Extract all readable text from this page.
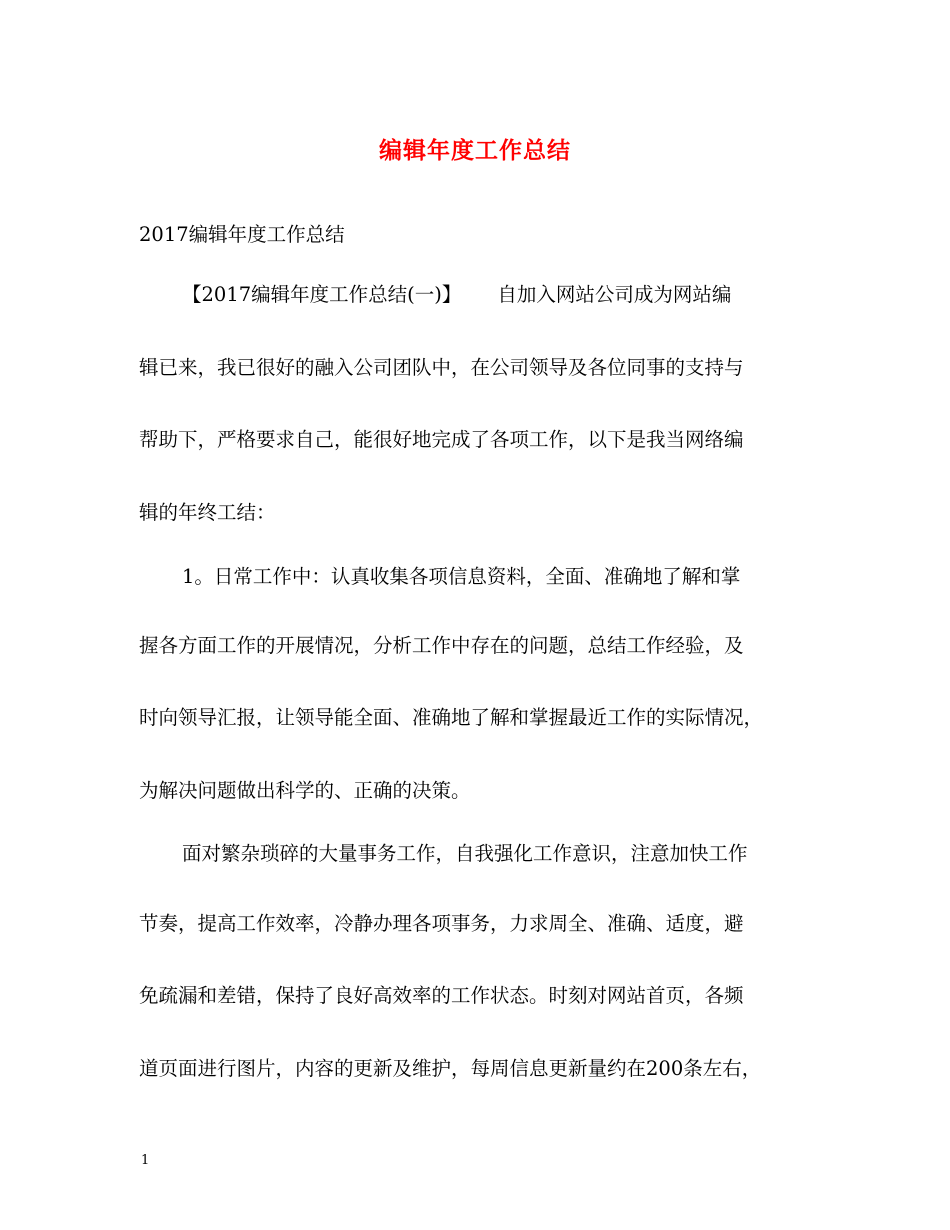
编辑年度工作总结
2017编辑年度工作总结
【2017编辑年度工作总结(一)】 自加入网站公司成为网站编
辑已来，我已很好的融入公司团队中，在公司领导及各位同事的支持与
帮助下，严格要求自己，能很好地完成了各项工作，以下是我当网络编
辑的年终工结：
1。日常工作中：认真收集各项信息资料，全面、准确地了解和掌
握各方面工作的开展情况，分析工作中存在的问题，总结工作经验，及
时向领导汇报，让领导能全面、准确地了解和掌握最近工作的实际情况，
为解决问题做出科学的、正确的决策。
面对繁杂琐碎的大量事务工作，自我强化工作意识，注意加快工作
节奏，提高工作效率，冷静办理各项事务，力求周全、准确、适度，避
免疏漏和差错，保持了良好高效率的工作状态。时刻对网站首页，各频
道页面进行图片，内容的更新及维护，每周信息更新量约在200条左右，
1
